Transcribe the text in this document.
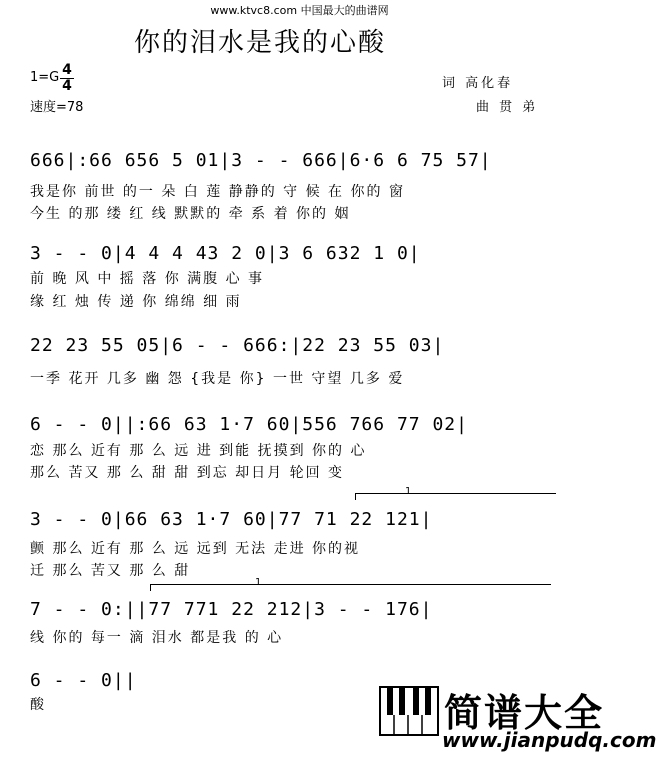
www.ktvc8.com 中国最大的曲谱网
你的泪水是我的心酸
1=G 4
4
速度=78
词 高化春
曲 贯 弟
666|:66 656 5 01|3 - - 666|6·6 6 75 57|
我是你 前世 的一 朵 白 莲 静静的 守 候 在 你的 窗
今生 的那 缕 红 线 默默的 牵 系 着 你的 姻
3 - - 0|4 4 4 43 2 0|3 6 632 1 0|
前 晚 风 中 摇 落 你 满腹 心 事
缘 红 烛 传 递 你 绵绵 细 雨
22 23 55 05|6 - - 666:|22 23 55 03|
一季 花开 几多 幽 怨 {我是 你} 一世 守望 几多 爱
6 - - 0||:66 63 1·7 60|556 766 77 02|
恋 那么 近有 那 么 远 进 到能 抚摸到 你的 心
那么 苦又 那 么 甜 甜 到忘 却日月 轮回 变
1
3 - - 0|66 63 1·7 60|77 71 22 121|
颤 那么 近有 那 么 远 远到 无法 走进 你的视
迁 那么 苦又 那 么 甜
1
7 - - 0:||77 771 22 212|3 - - 176|
线 你的 每一 滴 泪水 都是我 的 心
6 - - 0||
酸	简谱大全
www.jianpudq.com
